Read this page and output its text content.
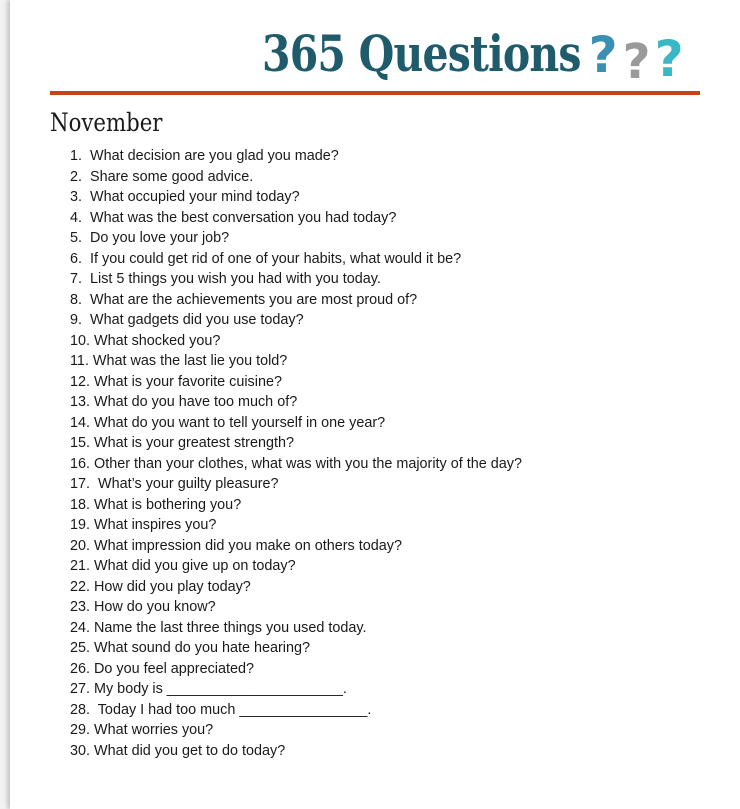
365 Questions ? ? ?
November
1.  What decision are you glad you made?
2.  Share some good advice.
3.  What occupied your mind today?
4.  What was the best conversation you had today?
5.  Do you love your job?
6.  If you could get rid of one of your habits, what would it be?
7.  List 5 things you wish you had with you today.
8.  What are the achievements you are most proud of?
9.  What gadgets did you use today?
10. What shocked you?
11. What was the last lie you told?
12. What is your favorite cuisine?
13. What do you have too much of?
14. What do you want to tell yourself in one year?
15. What is your greatest strength?
16. Other than your clothes, what was with you the majority of the day?
17.  What’s your guilty pleasure?
18. What is bothering you?
19. What inspires you?
20. What impression did you make on others today?
21. What did you give up on today?
22. How did you play today?
23. How do you know?
24. Name the last three things you used today.
25. What sound do you hate hearing?
26. Do you feel appreciated?
27. My body is ______________________.
28.  Today I had too much ________________.
29. What worries you?
30. What did you get to do today?
